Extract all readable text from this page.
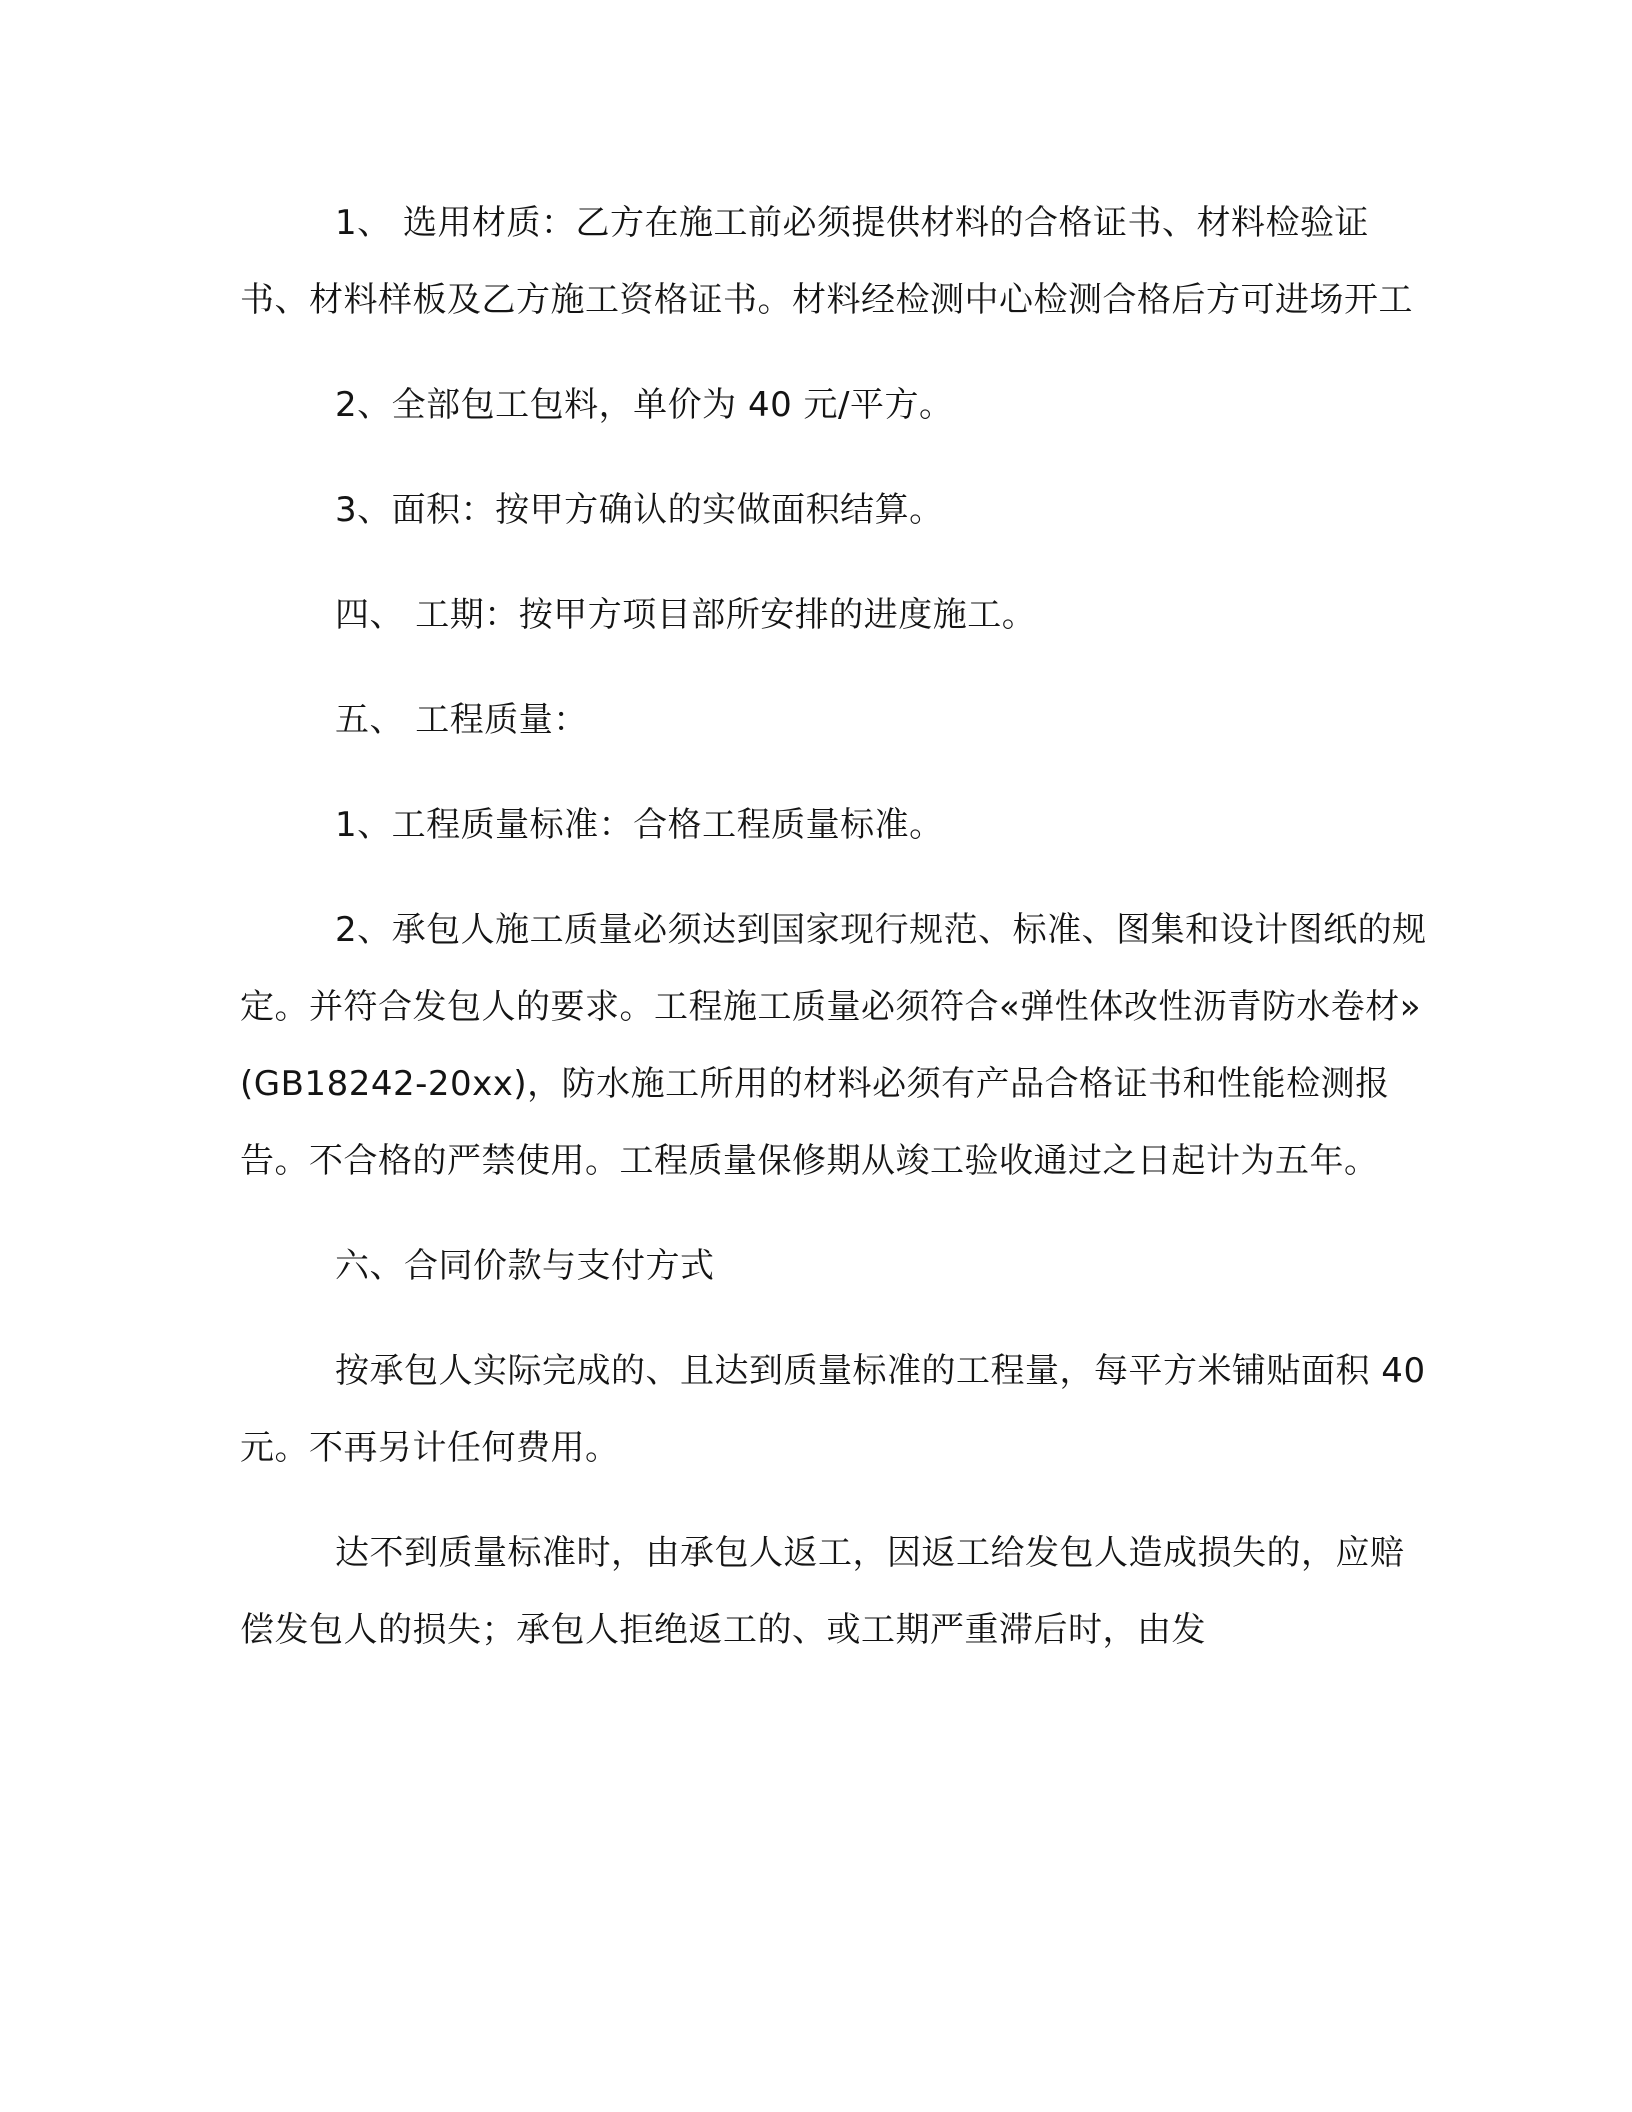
1、 选用材质：乙方在施工前必须提供材料的合格证书、材料检验证书、材料样板及乙方施工资格证书。材料经检测中心检测合格后方可进场开工

2、全部包工包料，单价为 40 元/平方。

3、面积：按甲方确认的实做面积结算。

四、 工期：按甲方项目部所安排的进度施工。

五、 工程质量：

1、工程质量标准：合格工程质量标准。

2、承包人施工质量必须达到国家现行规范、标准、图集和设计图纸的规定。并符合发包人的要求。工程施工质量必须符合«弹性体改性沥青防水卷材» (GB18242-20xx)，防水施工所用的材料必须有产品合格证书和性能检测报告。不合格的严禁使用。工程质量保修期从竣工验收通过之日起计为五年。

六、合同价款与支付方式

按承包人实际完成的、且达到质量标准的工程量，每平方米铺贴面积 40 元。不再另计任何费用。

达不到质量标准时，由承包人返工，因返工给发包人造成损失的，应赔偿发包人的损失；承包人拒绝返工的、或工期严重滞后时，由发
